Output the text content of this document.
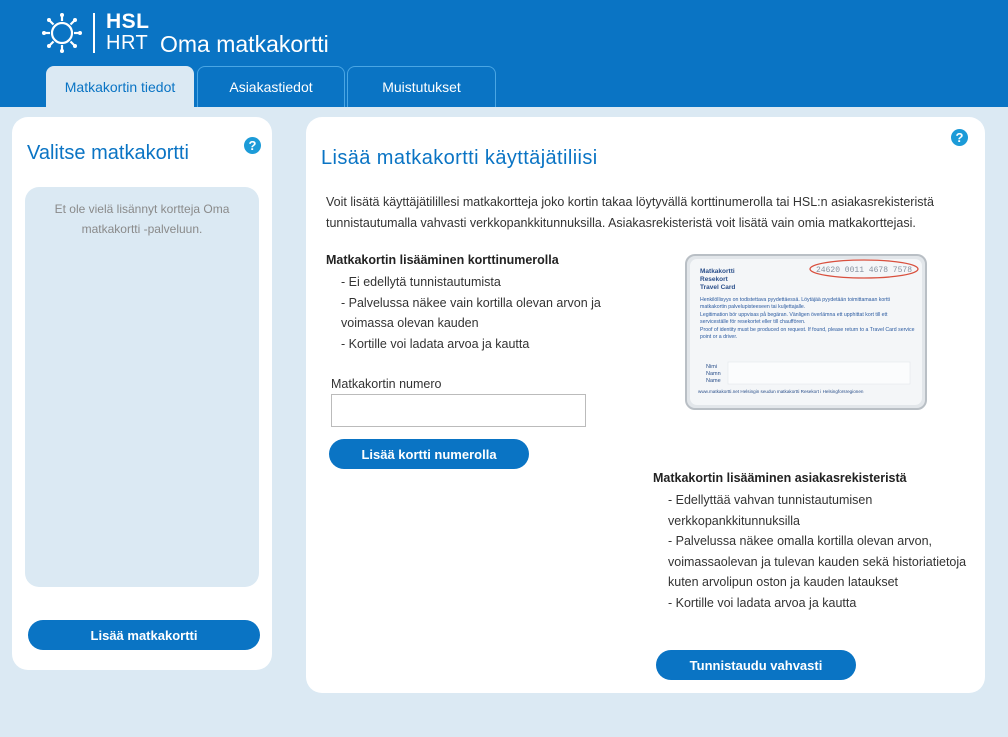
HSL
HRT Oma matkakortti
Matkakortin tiedot	Asiakastiedot	Muistutukset
Valitse matkakortti	?
Et ole vielä lisännyt kortteja Oma matkakortti -palveluun.
Lisää matkakortti
Lisää matkakortti käyttäjätiliisi
?
Voit lisätä käyttäjätilillesi matkakortteja joko kortin takaa löytyvällä korttinumerolla tai HSL:n asiakasrekisteristä tunnistautumalla vahvasti verkkopankkitunnuksilla. Asiakasrekisteristä voit lisätä vain omia matkakorttejasi.
Matkakortin lisääminen korttinumerolla
- Ei edellytä tunnistautumista
- Palvelussa näkee vain kortilla olevan arvon ja voimassa olevan kauden
- Kortille voi ladata arvoa ja kautta
Matkakortin numero
Lisää kortti numerolla
Matkakortti
Resekort
Travel Card
24620 0011 4678 7578
Henkilöllisyys on todistettava pyydettäessä. Löytäjää pyydetään toimittamaan kortti matkakortin palvelupisteeseen tai kuljettajalle.
Legitimation bör uppvisas på begäran. Vänligen överlämna ett upphittat kort till ett serviceställe för resekortet eller till chauffören.
Proof of identity must be produced on request. If found, please return to a Travel Card service point or a driver.
Nimi
Namn
Name
www.matkakortti.net Helsingin seudun matkakortti Resekort i Helsingforsregionen
Matkakortin lisääminen asiakasrekisteristä
- Edellyttää vahvan tunnistautumisen verkkopankkitunnuksilla
- Palvelussa näkee omalla kortilla olevan arvon, voimassaolevan ja tulevan kauden sekä historiatietoja kuten arvolipun oston ja kauden lataukset
- Kortille voi ladata arvoa ja kautta
Tunnistaudu vahvasti
